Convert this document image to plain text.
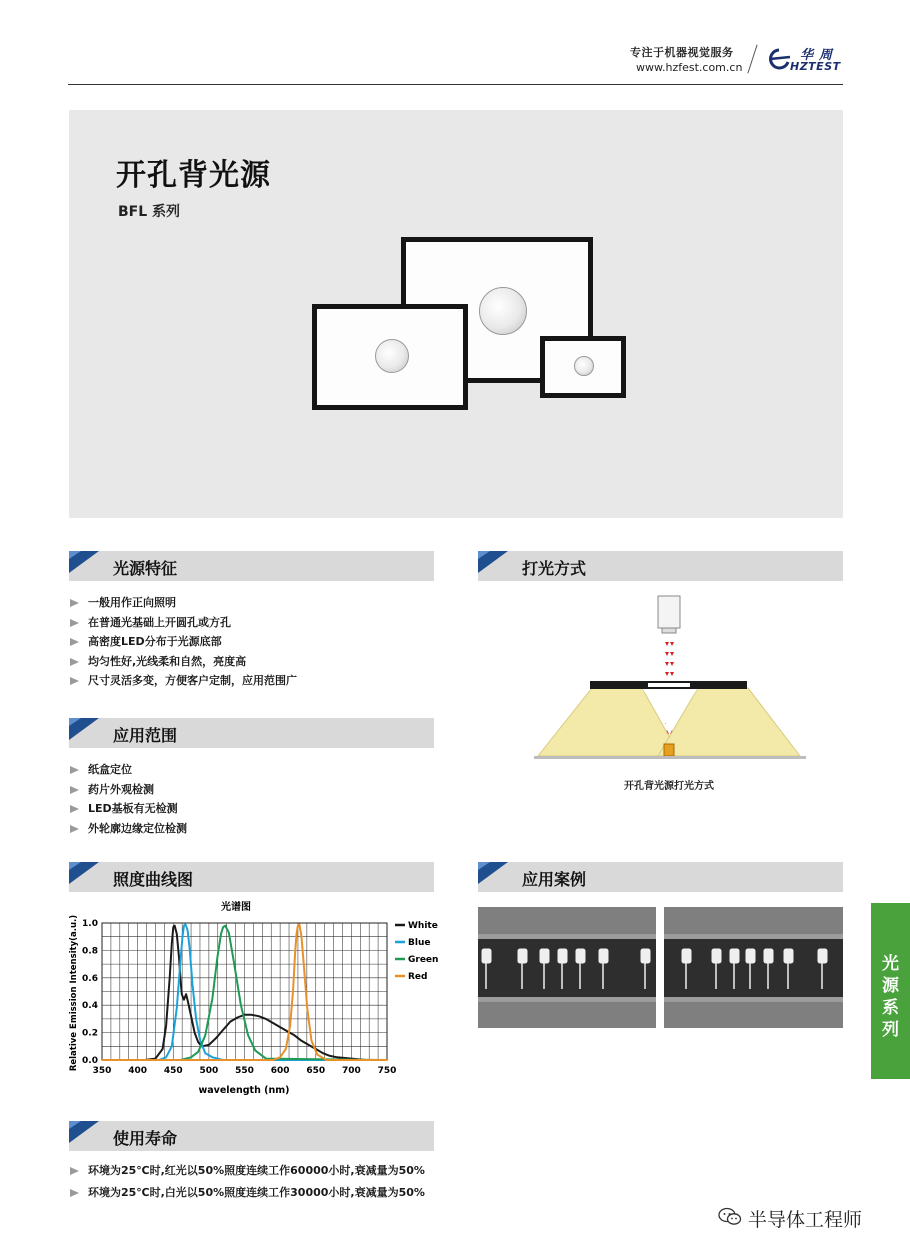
专注于机器视觉服务
www.hzfest.com.cn
华周
HZTEST
开孔背光源
BFL 系列
光源特征
一般用作正向照明
在普通光基础上开圆孔或方孔
高密度LED分布于光源底部
均匀性好,光线柔和自然，亮度高
尺寸灵活多变，方便客户定制，应用范围广
打光方式
开孔背光源打光方式
应用范围
纸盒定位
药片外观检测
LED基板有无检测
外轮廓边缘定位检测
照度曲线图
光谱图
350 400 450 500 550 600 650 700 750
0.0
0.2
0.4
0.6
0.8
1.0
Relative Emission Intensity(a.u.)
wavelength (nm)
White
Blue
Green
Red
应用案例
使用寿命
环境为25℃时,红光以50%照度连续工作60000小时,衰减量为50%
环境为25℃时,白光以50%照度连续工作30000小时,衰减量为50%
光
源
系
列
半导体工程师
